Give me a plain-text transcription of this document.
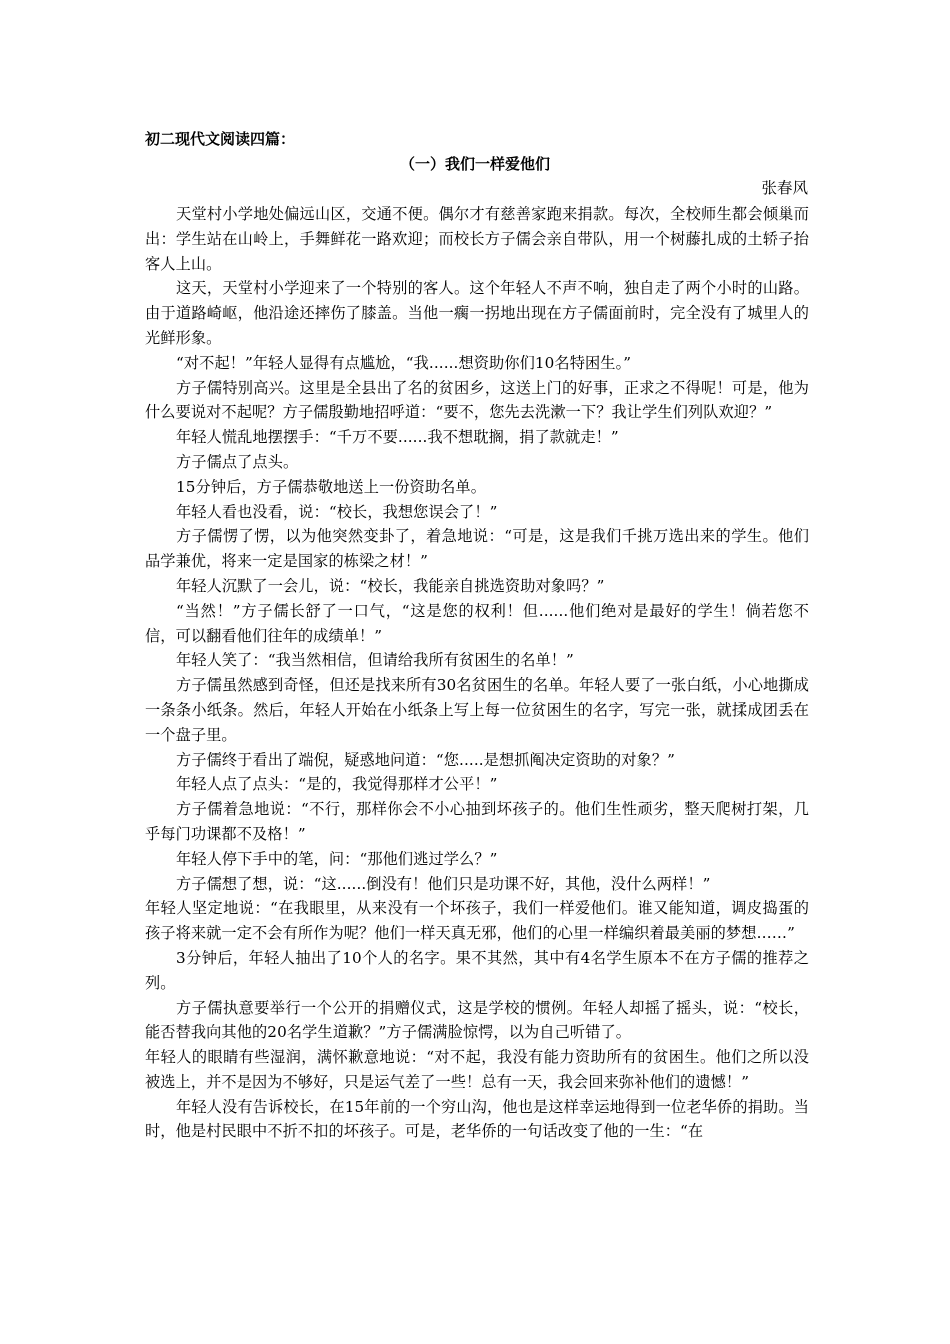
初二现代文阅读四篇：
（一）我们一样爱他们
张春风

天堂村小学地处偏远山区，交通不便。偶尔才有慈善家跑来捐款。每次，全校师生都会倾巢而出：学生站在山岭上，手舞鲜花一路欢迎；而校长方子儒会亲自带队，用一个树藤扎成的土轿子抬客人上山。

这天，天堂村小学迎来了一个特别的客人。这个年轻人不声不响，独自走了两个小时的山路。由于道路崎岖，他沿途还摔伤了膝盖。当他一瘸一拐地出现在方子儒面前时，完全没有了城里人的光鲜形象。

“对不起！”年轻人显得有点尴尬，“我......想资助你们10名特困生。”

方子儒特别高兴。这里是全县出了名的贫困乡，这送上门的好事，正求之不得呢！可是，他为什么要说对不起呢？方子儒殷勤地招呼道：“要不，您先去洗漱一下？我让学生们列队欢迎？”

年轻人慌乱地摆摆手：“千万不要......我不想耽搁，捐了款就走！”

方子儒点了点头。

15分钟后，方子儒恭敬地送上一份资助名单。

年轻人看也没看，说：“校长，我想您误会了！”

方子儒愣了愣，以为他突然变卦了，着急地说：“可是，这是我们千挑万选出来的学生。他们品学兼优，将来一定是国家的栋梁之材！”

年轻人沉默了一会儿，说：“校长，我能亲自挑选资助对象吗？”

“当然！”方子儒长舒了一口气，“这是您的权利！但......他们绝对是最好的学生！倘若您不信，可以翻看他们往年的成绩单！”

年轻人笑了：“我当然相信，但请给我所有贫困生的名单！”

方子儒虽然感到奇怪，但还是找来所有30名贫困生的名单。年轻人要了一张白纸，小心地撕成一条条小纸条。然后，年轻人开始在小纸条上写上每一位贫困生的名字，写完一张，就揉成团丢在一个盘子里。

方子儒终于看出了端倪，疑惑地问道：“您.....是想抓阄决定资助的对象？”

年轻人点了点头：“是的，我觉得那样才公平！”

方子儒着急地说：“不行，那样你会不小心抽到坏孩子的。他们生性顽劣，整天爬树打架，几乎每门功课都不及格！”

年轻人停下手中的笔，问：“那他们逃过学么？”

方子儒想了想，说：“这......倒没有！他们只是功课不好，其他，没什么两样！”

年轻人坚定地说：“在我眼里，从来没有一个坏孩子，我们一样爱他们。谁又能知道，调皮捣蛋的孩子将来就一定不会有所作为呢？他们一样天真无邪，他们的心里一样编织着最美丽的梦想……”

3分钟后，年轻人抽出了10个人的名字。果不其然，其中有4名学生原本不在方子儒的推荐之列。

方子儒执意要举行一个公开的捐赠仪式，这是学校的惯例。年轻人却摇了摇头，说：“校长，能否替我向其他的20名学生道歉？”方子儒满脸惊愕，以为自己听错了。

年轻人的眼睛有些湿润，满怀歉意地说：“对不起，我没有能力资助所有的贫困生。他们之所以没被选上，并不是因为不够好，只是运气差了一些！总有一天，我会回来弥补他们的遗憾！”

年轻人没有告诉校长，在15年前的一个穷山沟，他也是这样幸运地得到一位老华侨的捐助。当时，他是村民眼中不折不扣的坏孩子。可是，老华侨的一句话改变了他的一生：“在
